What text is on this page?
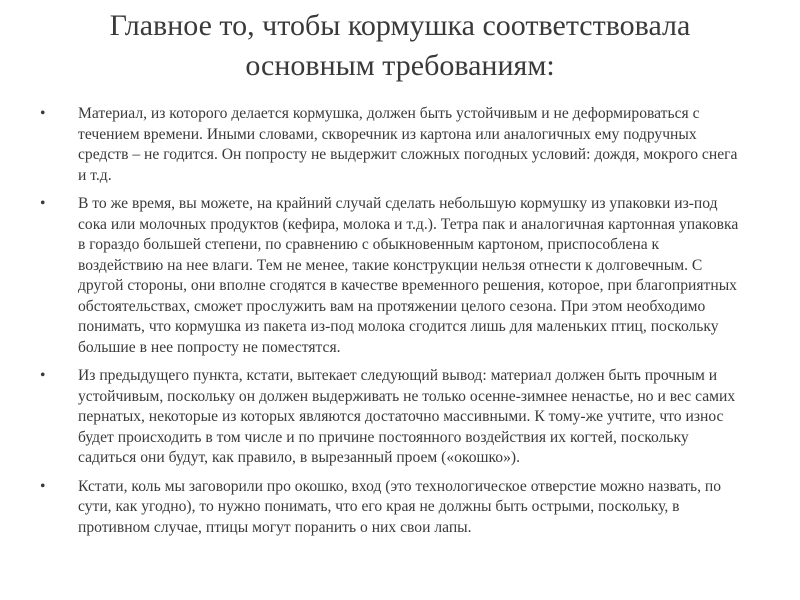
Главное то, чтобы кормушка соответствовала
основным требованиям:
•	Материал, из которого делается кормушка, должен быть устойчивым и не деформироваться с течением времени. Иными словами, скворечник из картона или аналогичных ему подручных средств – не годится. Он попросту не выдержит сложных погодных условий: дождя, мокрого снега и т.д.
•	В то же время, вы можете, на крайний случай сделать небольшую кормушку из упаковки из-под сока или молочных продуктов (кефира, молока и т.д.). Тетра пак и аналогичная картонная упаковка в гораздо большей степени, по сравнению с обыкновенным картоном, приспособлена к воздействию на нее влаги. Тем не менее, такие конструкции нельзя отнести к долговечным. С другой стороны, они вполне сгодятся в качестве временного решения, которое, при благоприятных обстоятельствах, сможет прослужить вам на протяжении целого сезона. При этом необходимо понимать, что кормушка из пакета из-под молока сгодится лишь для маленьких птиц, поскольку большие в нее попросту не поместятся.
•	Из предыдущего пункта, кстати, вытекает следующий вывод: материал должен быть прочным и устойчивым, поскольку он должен выдерживать не только осенне-зимнее ненастье, но и вес самих пернатых, некоторые из которых являются достаточно массивными. К тому-же учтите, что износ будет происходить в том числе и по причине постоянного воздействия их когтей, поскольку садиться они будут, как правило, в вырезанный проем («окошко»).
•	Кстати, коль мы заговорили про окошко, вход (это технологическое отверстие можно назвать, по сути, как угодно), то нужно понимать, что его края не должны быть острыми, поскольку, в противном случае, птицы могут поранить о них свои лапы.
